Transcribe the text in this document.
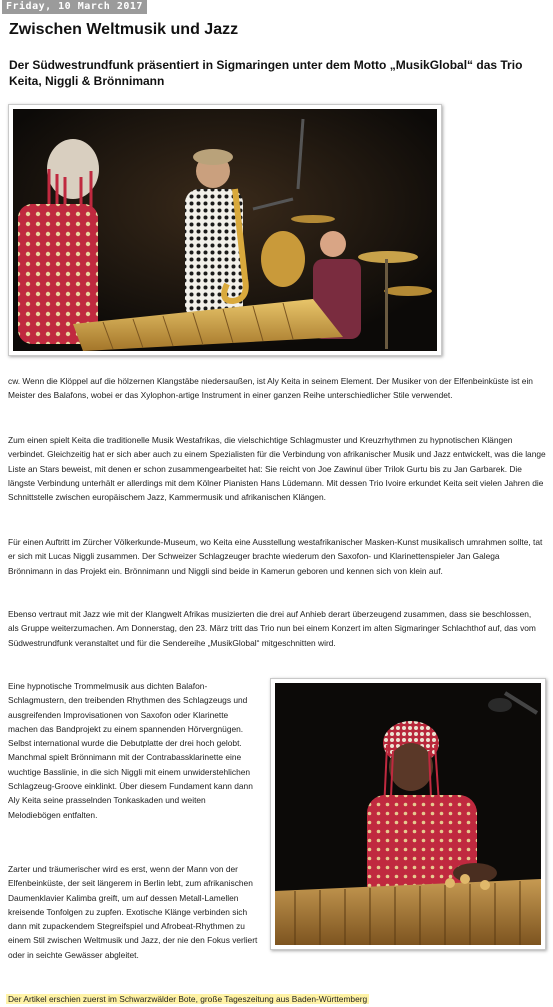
Friday, 10 March 2017
Zwischen Weltmusik und Jazz
Der Südwestrundfunk präsentiert in Sigmaringen unter dem Motto „MusikGlobal“ das Trio Keita, Niggli & Brönnimann

cw. Wenn die Klöppel auf die hölzernen Klangstäbe niedersaußen, ist Aly Keita in seinem Element. Der Musiker von der Elfenbeinküste ist ein Meister des Balafons, wobei er das Xylophon-artige Instrument in einer ganzen Reihe unterschiedlicher Stile verwendet.

Zum einen spielt Keita die traditionelle Musik Westafrikas, die vielschichtige Schlagmuster und Kreuzrhythmen zu hypnotischen Klängen verbindet. Gleichzeitig hat er sich aber auch zu einem Spezialisten für die Verbindung von afrikanischer Musik und Jazz entwickelt, was die lange Liste an Stars beweist, mit denen er schon zusammengearbeitet hat: Sie reicht von Joe Zawinul über Trilok Gurtu bis zu Jan Garbarek. Die längste Verbindung unterhält er allerdings mit dem Kölner Pianisten Hans Lüdemann. Mit dessen Trio Ivoire erkundet Keita seit vielen Jahren die Schnittstelle zwischen europäischem Jazz, Kammermusik und afrikanischen Klängen.

Für einen Auftritt im Zürcher Völkerkunde-Museum, wo Keita eine Ausstellung westafrikanischer Masken-Kunst musikalisch umrahmen sollte, tat er sich mit Lucas Niggli zusammen. Der Schweizer Schlagzeuger brachte wiederum den Saxofon- und Klarinettenspieler Jan Galega Brönnimann in das Projekt ein. Brönnimann und Niggli sind beide in Kamerun geboren und kennen sich von klein auf.

Ebenso vertraut mit Jazz wie mit der Klangwelt Afrikas musizierten die drei auf Anhieb derart überzeugend zusammen, dass sie beschlossen, als Gruppe weiterzumachen. Am Donnerstag, den 23. März tritt das Trio nun bei einem Konzert im alten Sigmaringer Schlachthof auf, das vom Südwestrundfunk veranstaltet und für die Sendereihe „MusikGlobal“ mitgeschnitten wird.

Eine hypnotische Trommelmusik aus dichten Balafon-Schlagmustern, den treibenden Rhythmen des Schlagzeugs und ausgreifenden Improvisationen von Saxofon oder Klarinette machen das Bandprojekt zu einem spannenden Hörvergnügen. Selbst international wurde die Debutplatte der drei hoch gelobt. Manchmal spielt Brönnimann mit der Contrabassklarinette eine wuchtige Basslinie, in die sich Niggli mit einem unwiderstehlichen Schlagzeug-Groove einklinkt. Über diesem Fundament kann dann Aly Keita seine prasselnden Tonkaskaden und weiten Melodiebögen entfalten.

Zarter und träumerischer wird es erst, wenn der Mann von der Elfenbeinküste, der seit längerem in Berlin lebt, zum afrikanischen Daumenklavier Kalimba greift, um auf dessen Metall-Lamellen kreisende Tonfolgen zu zupfen. Exotische Klänge verbinden sich dann mit zupackendem Stegreifspiel und Afrobeat-Rhythmen zu einem Stil zwischen Weltmusik und Jazz, der nie den Fokus verliert oder in seichte Gewässer abgleitet.

Der Artikel erschien zuerst im Schwarzwälder Bote, große Tageszeitung aus Baden-Württemberg
